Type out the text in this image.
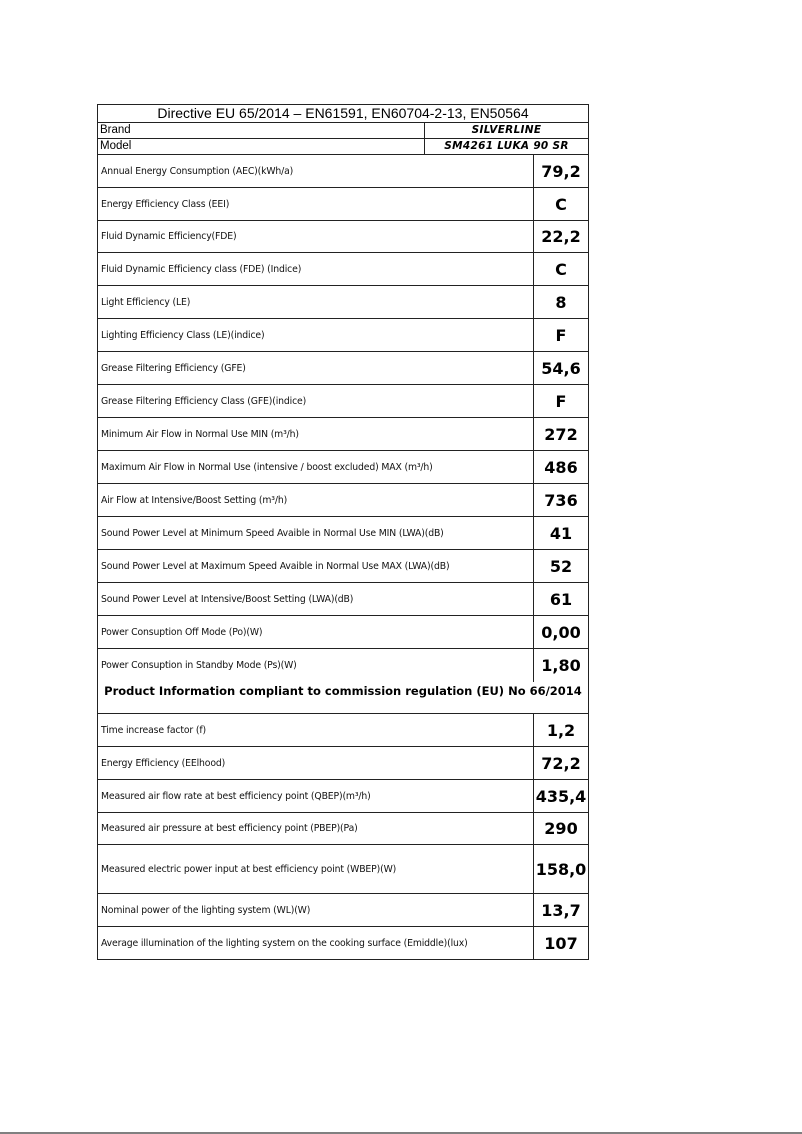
Directive EU 65/2014 – EN61591, EN60704-2-13, EN50564
Brand	SILVERLINE
Model	SM4261 LUKA 90 SR
Annual Energy Consumption (AEC)(kWh/a)	79,2
Energy Efficiency Class (EEI)	C
Fluid Dynamic Efficiency(FDE)	22,2
Fluid Dynamic Efficiency class (FDE) (Indice)	C
Light Efficiency (LE)	8
Lighting Efficiency Class (LE)(indice)	F
Grease Filtering Efficiency (GFE)	54,6
Grease Filtering Efficiency Class (GFE)(indice)	F
Minimum Air Flow in Normal Use MIN (m³/h)	272
Maximum Air Flow in Normal Use (intensive / boost excluded) MAX (m³/h)	486
Air Flow at Intensive/Boost Setting (m³/h)	736
Sound Power Level at Minimum Speed Avaible in Normal Use MIN (LWA)(dB)	41
Sound Power Level at Maximum Speed Avaible in Normal Use MAX (LWA)(dB)	52
Sound Power Level at Intensive/Boost Setting (LWA)(dB)	61
Power Consuption Off Mode (Po)(W)	0,00
Power Consuption in Standby Mode (Ps)(W)	1,80
Product Information compliant to commission regulation (EU) No 66/2014
Time increase factor (f)	1,2
Energy Efficiency (EElhood)	72,2
Measured air flow rate at best efficiency point (QBEP)(m³/h)	435,4
Measured air pressure at best efficiency point (PBEP)(Pa)	290
Measured electric power input at best efficiency point (WBEP)(W)	158,0
Nominal power of the lighting system (WL)(W)	13,7
Average illumination of the lighting system on the cooking surface (Emiddle)(lux)	107
